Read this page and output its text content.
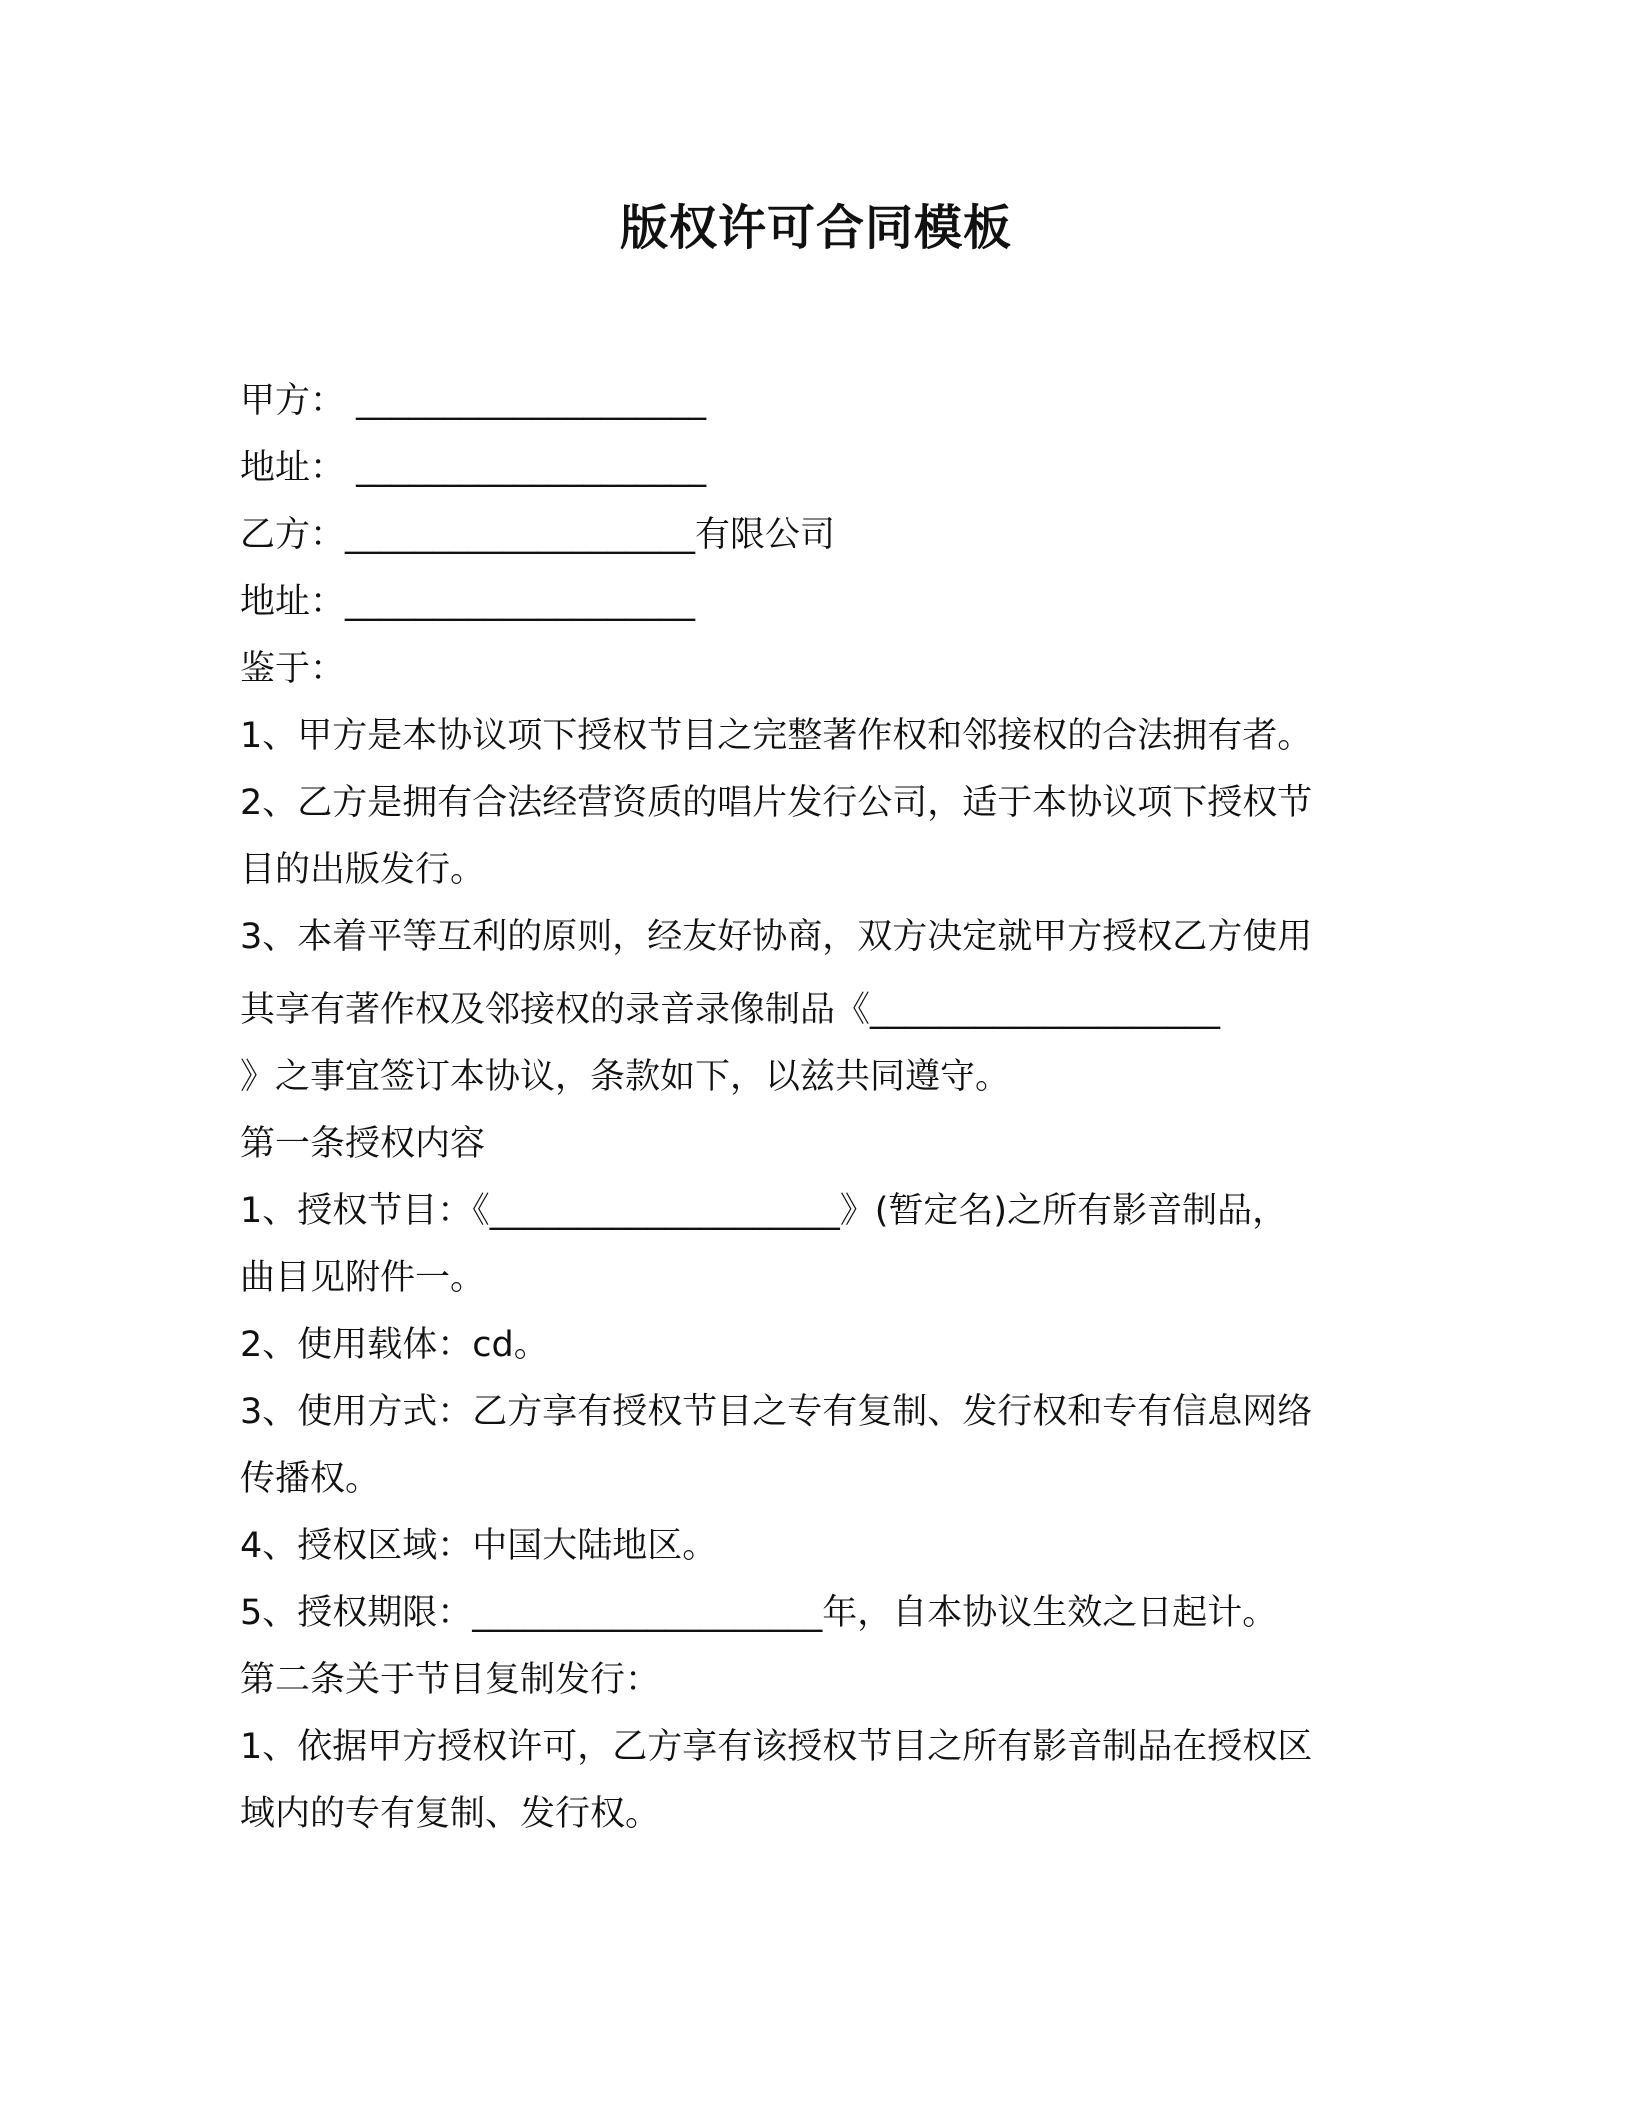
版权许可合同模板
甲方： ____________________
地址： ____________________
乙方：____________________有限公司
地址：____________________
鉴于：
1、甲方是本协议项下授权节目之完整著作权和邻接权的合法拥有者。
2、乙方是拥有合法经营资质的唱片发行公司，适于本协议项下授权节
目的出版发行。
3、本着平等互利的原则，经友好协商，双方决定就甲方授权乙方使用
其享有著作权及邻接权的录音录像制品《____________________
》之事宜签订本协议，条款如下，以兹共同遵守。
第一条授权内容
1、授权节目：《____________________》(暂定名)之所有影音制品，
曲目见附件一。
2、使用载体：cd。
3、使用方式：乙方享有授权节目之专有复制、发行权和专有信息网络
传播权。
4、授权区域：中国大陆地区。
5、授权期限：____________________年，自本协议生效之日起计。
第二条关于节目复制发行：
1、依据甲方授权许可，乙方享有该授权节目之所有影音制品在授权区
域内的专有复制、发行权。
